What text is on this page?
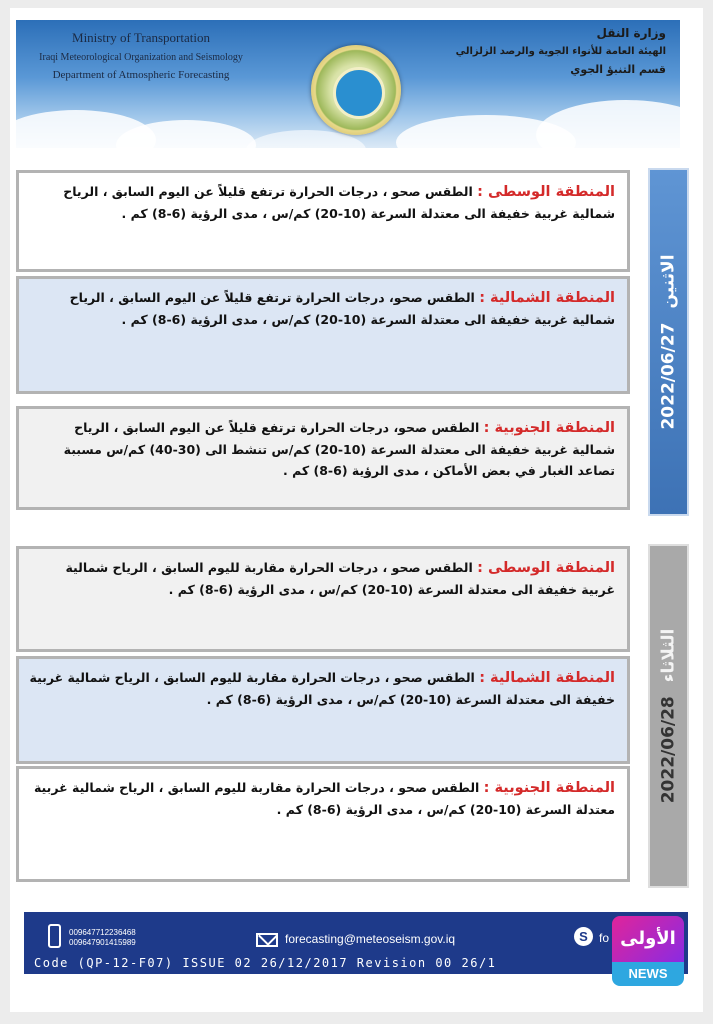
Ministry of Transportation
Iraqi Meteorological Organization and Seismology
Department of Atmospheric Forecasting
وزارة النقل
الهيئة العامة للأنواء الجوية والرصد الزلزالي
قسم التنبؤ الجوي
2022/06/27
الاثنين
المنطقة الوسطى : الطقس صحو ، درجات الحرارة ترتفع قليلاً عن اليوم السابق ، الرياح شمالية غربية خفيفة الى معتدلة السرعة (10-20) كم/س ، مدى الرؤية (6-8) كم .
المنطقة الشمالية : الطقس صحو، درجات الحرارة ترتفع قليلاً عن اليوم السابق ، الرياح شمالية غربية خفيفة الى معتدلة السرعة (10-20) كم/س ، مدى الرؤية (6-8) كم .
المنطقة الجنوبية : الطقس صحو، درجات الحرارة ترتفع قليلاً عن اليوم السابق ، الرياح شمالية غربية خفيفة الى معتدلة السرعة (10-20) كم/س تنشط الى (30-40) كم/س مسببة تصاعد الغبار في بعض الأماكن ، مدى الرؤية (6-8) كم .
2022/06/28
الثلاثاء
المنطقة الوسطى : الطقس صحو ، درجات الحرارة مقاربة لليوم السابق ، الرياح شمالية غربية خفيفة الى معتدلة السرعة (10-20) كم/س ، مدى الرؤية (6-8) كم .
المنطقة الشمالية : الطقس صحو ، درجات الحرارة مقاربة لليوم السابق ، الرياح شمالية غربية خفيفة الى معتدلة السرعة (10-20) كم/س ، مدى الرؤية (6-8) كم .
المنطقة الجنوبية : الطقس صحو ، درجات الحرارة مقاربة لليوم السابق ، الرياح شمالية غربية معتدلة السرعة (10-20) كم/س ، مدى الرؤية (6-8) كم .
009647712236468
009647901415989	forecasting@meteoseism.gov.iq	S fo
Code (QP-12-F07) ISSUE 02 26/12/2017 Revision 00 26/1
الأولى
NEWS
